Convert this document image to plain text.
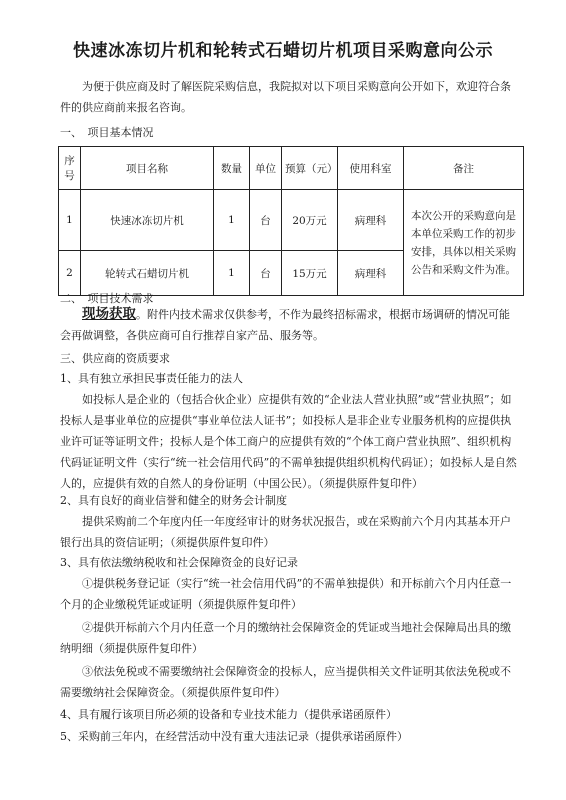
快速冰冻切片机和轮转式石蜡切片机项目采购意向公示
为便于供应商及时了解医院采购信息，我院拟对以下项目采购意向公开如下，欢迎符合条件的供应商前来报名咨询。
一、　项目基本情况
序号	项目名称	数量	单位	预算（元）	使用科室	备注
1	快速冰冻切片机	1	台	20万元	病理科	本次公开的采购意向是本单位采购工作的初步安排，具体以相关采购公告和采购文件为准。
2	轮转式石蜡切片机	1	台	15万元	病理科	
二、　项目技术需求
现场获取。附件内技术需求仅供参考，不作为最终招标需求，根据市场调研的情况可能会再做调整，各供应商可自行推荐自家产品、服务等。
三、供应商的资质要求
1、具有独立承担民事责任能力的法人
如投标人是企业的（包括合伙企业）应提供有效的“企业法人营业执照”或“营业执照”；如投标人是事业单位的应提供“事业单位法人证书”；如投标人是非企业专业服务机构的应提供执业许可证等证明文件；投标人是个体工商户的应提供有效的“个体工商户营业执照”、组织机构代码证证明文件（实行“统一社会信用代码”的不需单独提供组织机构代码证）；如投标人是自然人的，应提供有效的自然人的身份证明（中国公民）。（须提供原件复印件）
2、具有良好的商业信誉和健全的财务会计制度
提供采购前二个年度内任一年度经审计的财务状况报告，或在采购前六个月内其基本开户银行出具的资信证明；（须提供原件复印件）
3、具有依法缴纳税收和社会保障资金的良好记录
①提供税务登记证（实行“统一社会信用代码”的不需单独提供）和开标前六个月内任意一个月的企业缴税凭证或证明（须提供原件复印件）
②提供开标前六个月内任意一个月的缴纳社会保障资金的凭证或当地社会保障局出具的缴纳明细（须提供原件复印件）
③依法免税或不需要缴纳社会保障资金的投标人，应当提供相关文件证明其依法免税或不需要缴纳社会保障资金。（须提供原件复印件）
4、具有履行该项目所必须的设备和专业技术能力（提供承诺函原件）
5、采购前三年内，在经营活动中没有重大违法记录（提供承诺函原件）
